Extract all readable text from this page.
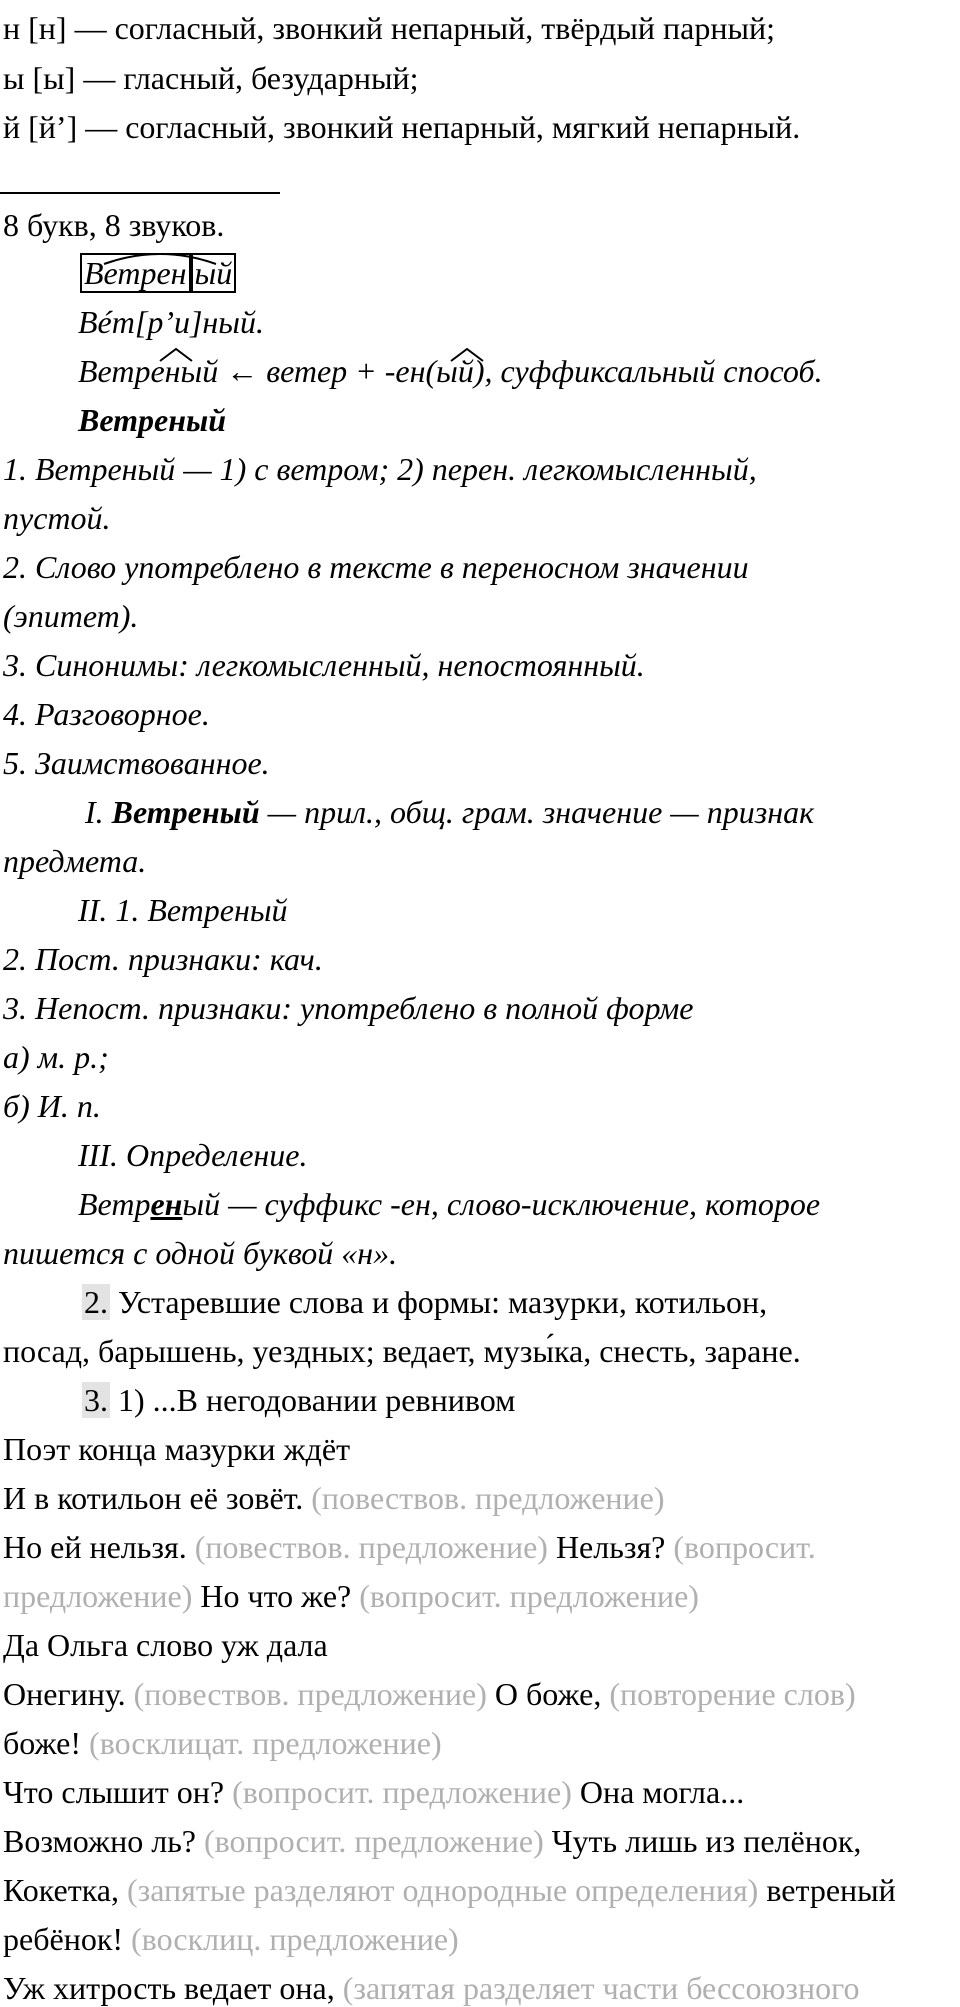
н [н] — согласный, звонкий непарный, твёрдый парный;
ы [ы] — гласный, безударный;
й [й’] — согласный, звонкий непарный, мягкий непарный.
8 букв, 8 звуков.
Ветрен ый
Вéт[р’и]ный.
Ветреный ← ветер + -ен(ый), суффиксальный способ.
Ветреный
1. Ветреный — 1) с ветром; 2) перен. легкомысленный,
пустой.
2. Слово употреблено в тексте в переносном значении
(эпитет).
3. Синонимы: легкомысленный, непостоянный.
4. Разговорное.
5. Заимствованное.
I. Ветреный — прил., общ. грам. значение — признак
предмета.
II. 1. Ветреный
2. Пост. признаки: кач.
3. Непост. признаки: употреблено в полной форме
а) м. р.;
б) И. п.
III. Определение.
Ветреный — суффикс -ен, слово-исключение, которое
пишется с одной буквой «н».
2. Устаревшие слова и формы: мазурки, котильон,
посад, барышень, уездных; ведает, музы́ка, снесть, заране.
3. 1) ...В негодовании ревнивом
Поэт конца мазурки ждёт
И в котильон её зовёт. (повествов. предложение)
Но ей нельзя. (повествов. предложение) Нельзя? (вопросит.
предложение) Но что же? (вопросит. предложение)
Да Ольга слово уж дала
Онегину. (повествов. предложение) О боже, (повторение слов)
боже! (восклицат. предложение)
Что слышит он? (вопросит. предложение) Она могла...
Возможно ль? (вопросит. предложение) Чуть лишь из пелёнок,
Кокетка, (запятые разделяют однородные определения) ветреный
ребёнок! (восклиц. предложение)
Уж хитрость ведает она, (запятая разделяет части бессоюзного
